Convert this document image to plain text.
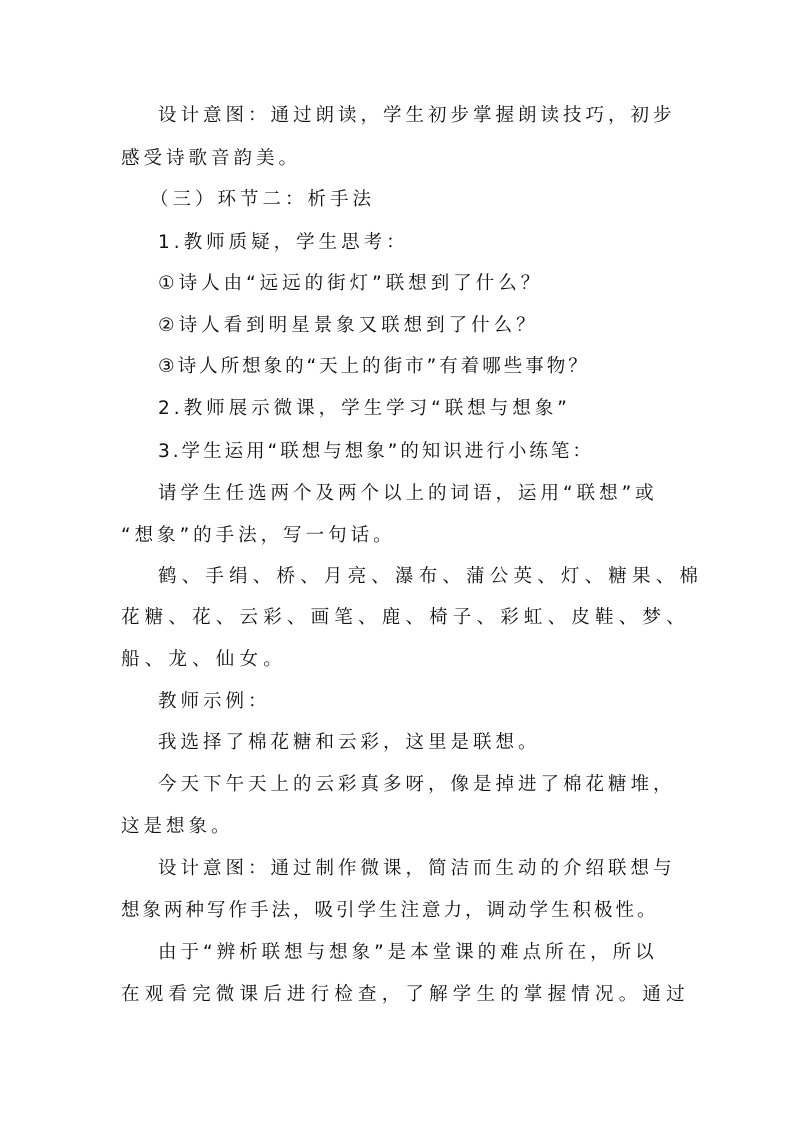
设计意图：通过朗读，学生初步掌握朗读技巧，初步
感受诗歌音韵美。
（三）环节二：析手法
1.教师质疑，学生思考：
①诗人由“远远的街灯”联想到了什么？
②诗人看到明星景象又联想到了什么？
③诗人所想象的“天上的街市”有着哪些事物？
2.教师展示微课，学生学习“联想与想象”
3.学生运用“联想与想象”的知识进行小练笔：
请学生任选两个及两个以上的词语，运用“联想”或
“想象”的手法，写一句话。
鹤、手绢、桥、月亮、瀑布、蒲公英、灯、糖果、棉
花糖、花、云彩、画笔、鹿、椅子、彩虹、皮鞋、梦、
船、龙、仙女。
教师示例：
我选择了棉花糖和云彩，这里是联想。
今天下午天上的云彩真多呀，像是掉进了棉花糖堆，
这是想象。
设计意图：通过制作微课，简洁而生动的介绍联想与
想象两种写作手法，吸引学生注意力，调动学生积极性。
由于“辨析联想与想象”是本堂课的难点所在，所以
在观看完微课后进行检查，了解学生的掌握情况。通过
